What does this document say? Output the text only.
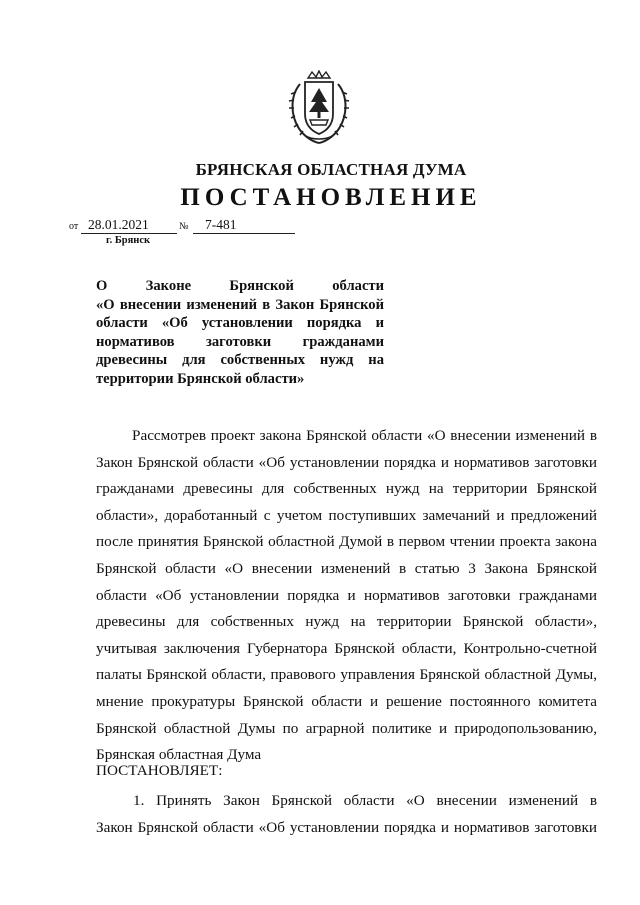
БРЯНСКАЯ ОБЛАСТНАЯ ДУМА
ПОСТАНОВЛЕНИЕ
от 28.01.2021	№ 7-481
г. Брянск
О Законе Брянской области
«О внесении изменений в Закон Брянской
области «Об установлении порядка и
нормативов заготовки гражданами
древесины для собственных нужд на
территории Брянской области»
Рассмотрев проект закона Брянской области «О внесении изменений в
Закон Брянской области «Об установлении порядка и нормативов заготовки
гражданами древесины для собственных нужд на территории Брянской
области», доработанный с учетом поступивших замечаний и предложений
после принятия Брянской областной Думой в первом чтении проекта закона
Брянской области «О внесении изменений в статью 3 Закона Брянской
области «Об установлении порядка и нормативов заготовки гражданами
древесины для собственных нужд на территории Брянской области»,
учитывая заключения Губернатора Брянской области, Контрольно-счетной
палаты Брянской области, правового управления Брянской областной Думы,
мнение прокуратуры Брянской области и решение постоянного комитета
Брянской областной Думы по аграрной политике и природопользованию,
Брянская областная Дума
ПОСТАНОВЛЯЕТ:
1. Принять Закон Брянской области «О внесении изменений в
Закон Брянской области «Об установлении порядка и нормативов заготовки
